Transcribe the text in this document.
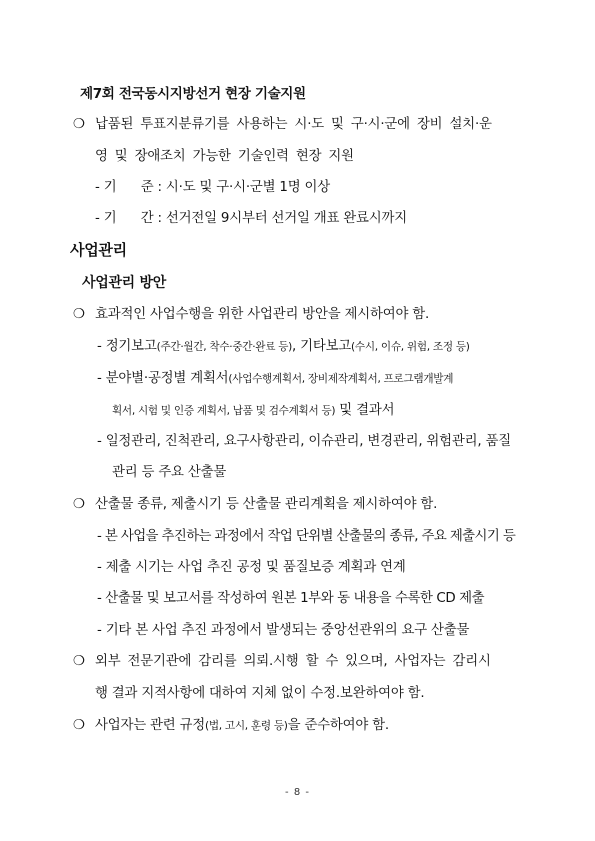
제7회 전국동시지방선거 현장 기술지원
❍ 납품된 투표지분류기를 사용하는 시·도 및 구·시·군에 장비 설치·운
영 및 장애조치 가능한 기술인력 현장 지원
- 기      준 : 시·도 및 구·시·군별 1명 이상
- 기      간 : 선거전일 9시부터 선거일 개표 완료시까지
사업관리
사업관리 방안
❍ 효과적인 사업수행을 위한 사업관리 방안을 제시하여야 함.
- 정기보고(주간·월간, 착수·중간·완료 등), 기타보고(수시, 이슈, 위험, 조정 등)
- 분야별·공정별 계획서(사업수행계획서, 장비제작계획서, 프로그램개발계
획서, 시험 및 인증 계획서, 납품 및 검수계획서 등) 및 결과서
- 일정관리, 진척관리, 요구사항관리, 이슈관리, 변경관리, 위험관리, 품질
관리 등 주요 산출물
❍ 산출물 종류, 제출시기 등 산출물 관리계획을 제시하여야 함.
- 본 사업을 추진하는 과정에서 작업 단위별 산출물의 종류, 주요 제출시기 등
- 제출 시기는 사업 추진 공정 및 품질보증 계획과 연계
- 산출물 및 보고서를 작성하여 원본 1부와 동 내용을 수록한 CD 제출
- 기타 본 사업 추진 과정에서 발생되는 중앙선관위의 요구 산출물
❍ 외부 전문기관에 감리를 의뢰.시행 할 수 있으며, 사업자는 감리시
행 결과 지적사항에 대하여 지체 없이 수정.보완하여야 함.
❍ 사업자는 관련 규정(법, 고시, 훈령 등)을 준수하여야 함.
- 8 -
